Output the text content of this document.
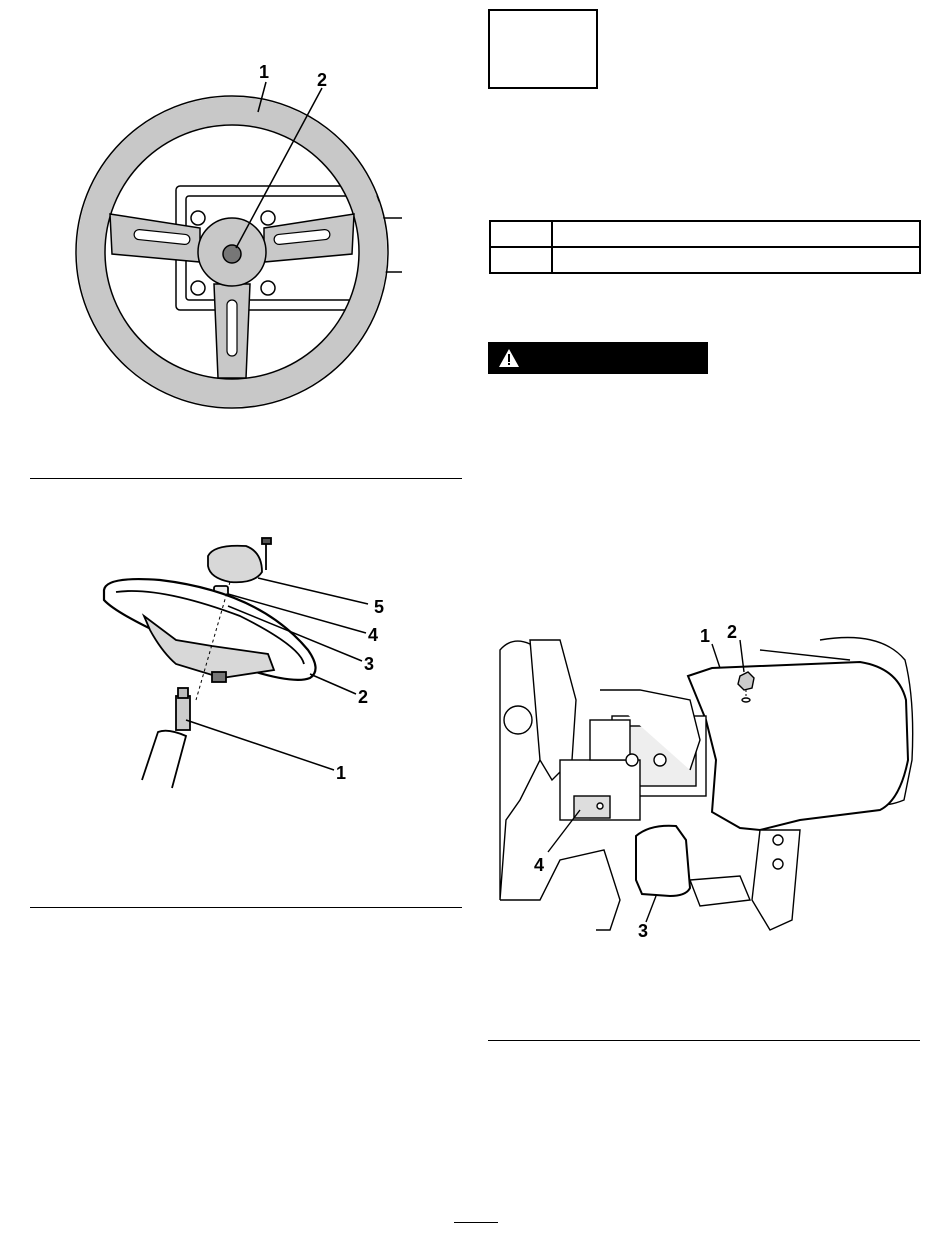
1	2
5
4
3
2
1

1 2
4
3
